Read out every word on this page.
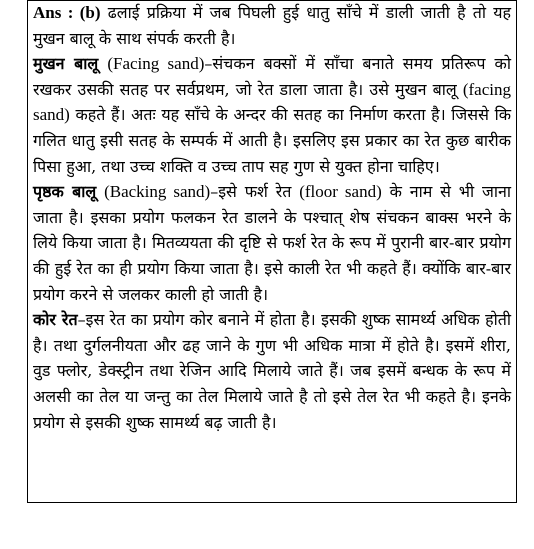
Ans : (b) ढलाई प्रक्रिया में जब पिघली हुई धातु साँचे में डाली जाती है तो यह मुखन बालू के साथ संपर्क करती है।

मुखन बालू (Facing sand)–संचकन बक्सों में साँचा बनाते समय प्रतिरूप को रखकर उसकी सतह पर सर्वप्रथम, जो रेत डाला जाता है। उसे मुखन बालू (facing sand) कहते हैं। अतः यह साँचे के अन्दर की सतह का निर्माण करता है। जिससे कि गलित धातु इसी सतह के सम्पर्क में आती है। इसलिए इस प्रकार का रेत कुछ बारीक पिसा हुआ, तथा उच्च शक्ति व उच्च ताप सह गुण से युक्त होना चाहिए।

पृष्ठक बालू (Backing sand)–इसे फर्श रेत (floor sand) के नाम से भी जाना जाता है। इसका प्रयोग फलकन रेत डालने के पश्चात् शेष संचकन बाक्स भरने के लिये किया जाता है। मितव्ययता की दृष्टि से फर्श रेत के रूप में पुरानी बार-बार प्रयोग की हुई रेत का ही प्रयोग किया जाता है। इसे काली रेत भी कहते हैं। क्योंकि बार-बार प्रयोग करने से जलकर काली हो जाती है।

कोर रेत–इस रेत का प्रयोग कोर बनाने में होता है। इसकी शुष्क सामर्थ्य अधिक होती है। तथा दुर्गलनीयता और ढह जाने के गुण भी अधिक मात्रा में होते है। इसमें शीरा, वुड फ्लोर, डेक्स्ट्रीन तथा रेजिन आदि मिलाये जाते हैं। जब इसमें बन्धक के रूप में अलसी का तेल या जन्तु का तेल मिलाये जाते है तो इसे तेल रेत भी कहते है। इनके प्रयोग से इसकी शुष्क सामर्थ्य बढ़ जाती है।
